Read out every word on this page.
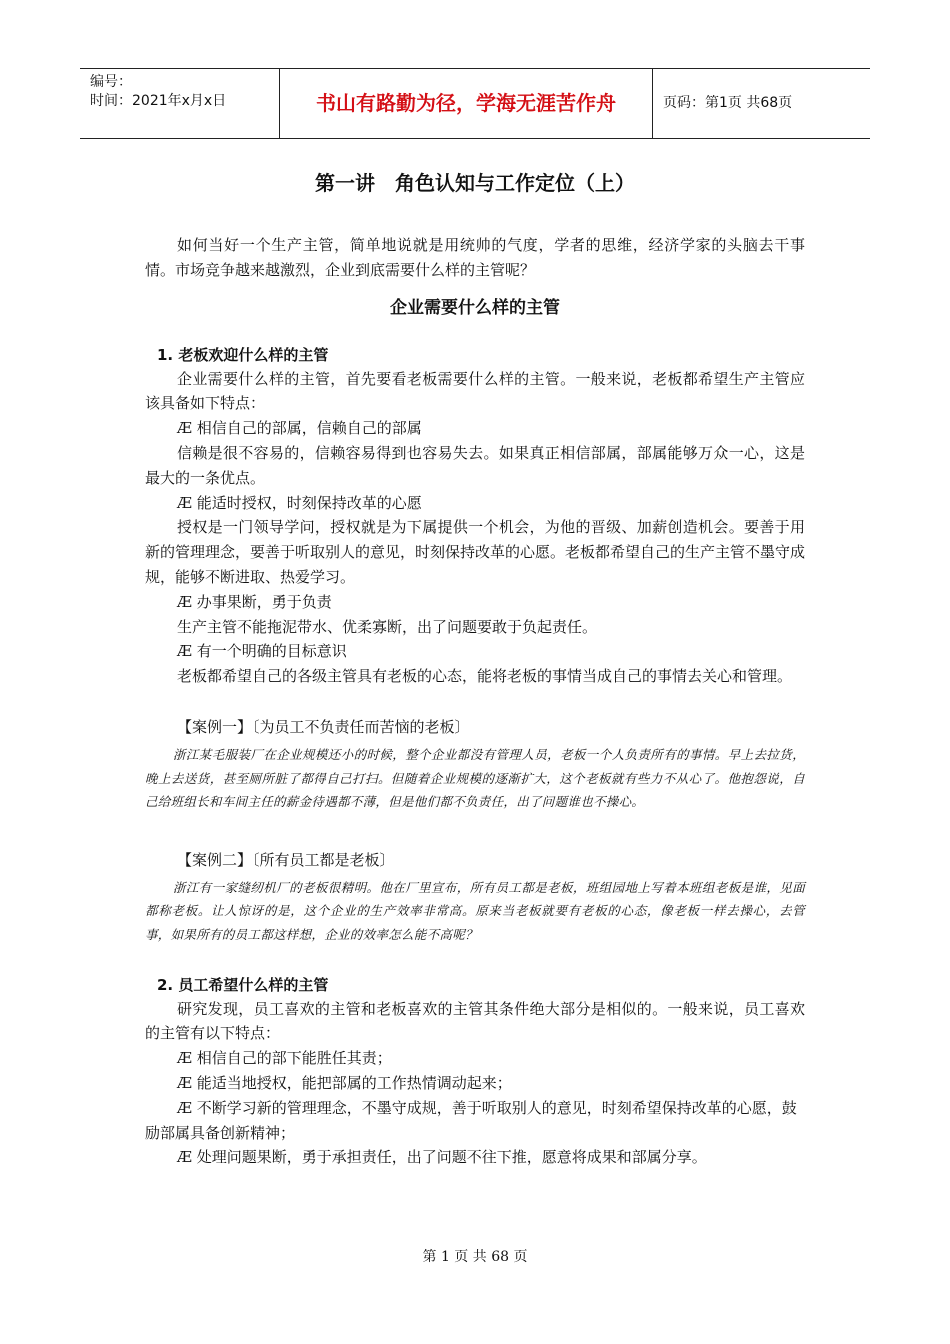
编号：
时间：2021年x月x日	书山有路勤为径，学海无涯苦作舟	页码：第1页 共68页
第一讲　角色认知与工作定位（上）

如何当好一个生产主管，简单地说就是用统帅的气度，学者的思维，经济学家的头脑去干事情。市场竞争越来越激烈，企业到底需要什么样的主管呢？

企业需要什么样的主管
1. 老板欢迎什么样的主管

企业需要什么样的主管，首先要看老板需要什么样的主管。一般来说，老板都希望生产主管应该具备如下特点：

Æ 相信自己的部属，信赖自己的部属

信赖是很不容易的，信赖容易得到也容易失去。如果真正相信部属，部属能够万众一心，这是最大的一条优点。

Æ 能适时授权，时刻保持改革的心愿

授权是一门领导学问，授权就是为下属提供一个机会，为他的晋级、加薪创造机会。要善于用新的管理理念，要善于听取别人的意见，时刻保持改革的心愿。老板都希望自己的生产主管不墨守成规，能够不断进取、热爱学习。

Æ 办事果断，勇于负责

生产主管不能拖泥带水、优柔寡断，出了问题要敢于负起责任。

Æ 有一个明确的目标意识

老板都希望自己的各级主管具有老板的心态，能将老板的事情当成自己的事情去关心和管理。

【案例一】〔为员工不负责任而苦恼的老板〕

浙江某毛服装厂在企业规模还小的时候，整个企业都没有管理人员，老板一个人负责所有的事情。早上去拉货，晚上去送货，甚至厕所脏了都得自己打扫。但随着企业规模的逐渐扩大，这个老板就有些力不从心了。他抱怨说，自己给班组长和车间主任的薪金待遇都不薄，但是他们都不负责任，出了问题谁也不操心。

【案例二】〔所有员工都是老板〕

浙江有一家缝纫机厂的老板很精明。他在厂里宣布，所有员工都是老板，班组园地上写着本班组老板是谁，见面都称老板。让人惊讶的是，这个企业的生产效率非常高。原来当老板就要有老板的心态，像老板一样去操心，去管事，如果所有的员工都这样想，企业的效率怎么能不高呢？

2. 员工希望什么样的主管

研究发现，员工喜欢的主管和老板喜欢的主管其条件绝大部分是相似的。一般来说，员工喜欢的主管有以下特点：

Æ 相信自己的部下能胜任其责；

Æ 能适当地授权，能把部属的工作热情调动起来；

Æ 不断学习新的管理理念，不墨守成规，善于听取别人的意见，时刻希望保持改革的心愿，鼓励部属具备创新精神；

Æ 处理问题果断，勇于承担责任，出了问题不往下推，愿意将成果和部属分享。

第 1 页 共 68 页
